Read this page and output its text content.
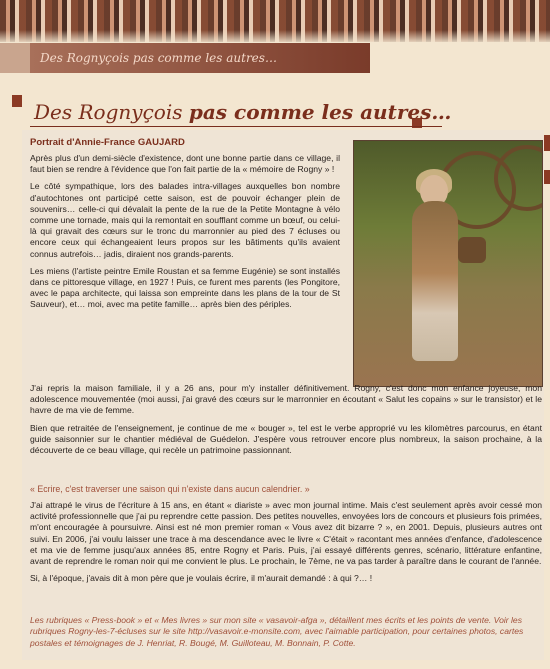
Des Rognyçois pas comme les autres…
Des Rognyçois pas comme les autres…
Portrait d'Annie-France GAUJARD

Après plus d'un demi-siècle d'existence, dont une bonne partie dans ce village, il faut bien se rendre à l'évidence que l'on fait partie de la « mémoire de Rogny » !

Le côté sympathique, lors des balades intra-villages auxquelles bon nombre d'autochtones ont participé cette saison, est de pouvoir échanger plein de souvenirs… celle-ci qui dévalait la pente de la rue de la Petite Montagne à vélo comme une tornade, mais qui la remontait en soufflant comme un bœuf, ou celui-là qui gravait des cœurs sur le tronc du marronnier au pied des 7 écluses ou encore ceux qui échangeaient leurs propos sur les bâtiments qu'ils avaient connus autrefois… jadis, diraient nos grands-parents.

Les miens (l'artiste peintre Emile Roustan et sa femme Eugénie) se sont installés dans ce pittoresque village, en 1927 ! Puis, ce furent mes parents (les Pongitore, avec le papa architecte, qui laissa son empreinte dans les plans de la tour de St Sauveur), et… moi, avec ma petite famille… après bien des périples.

J'ai repris la maison familiale, il y a 26 ans, pour m'y installer définitivement. Rogny, c'est donc mon enfance joyeuse, mon adolescence mouvementée (moi aussi, j'ai gravé des cœurs sur le marronnier en écoutant « Salut les copains » sur le transistor) et le havre de ma vie de femme.

Bien que retraitée de l'enseignement, je continue de me « bouger », tel est le verbe approprié vu les kilomètres parcourus, en étant guide saisonnier sur le chantier médiéval de Guédelon. J'espère vous retrouver encore plus nombreux, la saison prochaine, à la découverte de ce beau village, qui recèle un patrimoine passionnant.

« Ecrire, c'est traverser une saison qui n'existe dans aucun calendrier. »

J'ai attrapé le virus de l'écriture à 15 ans, en étant « diariste » avec mon journal intime. Mais c'est seulement après avoir cessé mon activité professionnelle que j'ai pu reprendre cette passion. Des petites nouvelles, envoyées lors de concours et plusieurs fois primées, m'ont encouragée à poursuivre. Ainsi est né mon premier roman « Vous avez dit bizarre ? », en 2001. Depuis, plusieurs autres ont suivi. En 2006, j'ai voulu laisser une trace à ma descendance avec le livre « C'était » racontant mes années d'enfance, d'adolescence et ma vie de femme jusqu'aux années 85, entre Rogny et Paris. Puis, j'ai essayé différents genres, scénario, littérature enfantine, avant de reprendre le roman noir qui me convient le plus. Le prochain, le 7ème, ne va pas tarder à paraître dans le courant de l'année.

Si, à l'époque, j'avais dit à mon père que je voulais écrire, il m'aurait demandé : à qui ?… !

Les rubriques « Press-book » et « Mes livres » sur mon site « vasavoir-afga », détaillent mes écrits et les points de vente. Voir les rubriques Rogny-les-7-écluses sur le site http://vasavoir.e-monsite.com, avec l'aimable participation, pour certaines photos, cartes postales et témoignages de J. Henriat, R. Bougé, M. Guilloteau, M. Bonnain, P. Cotte.
